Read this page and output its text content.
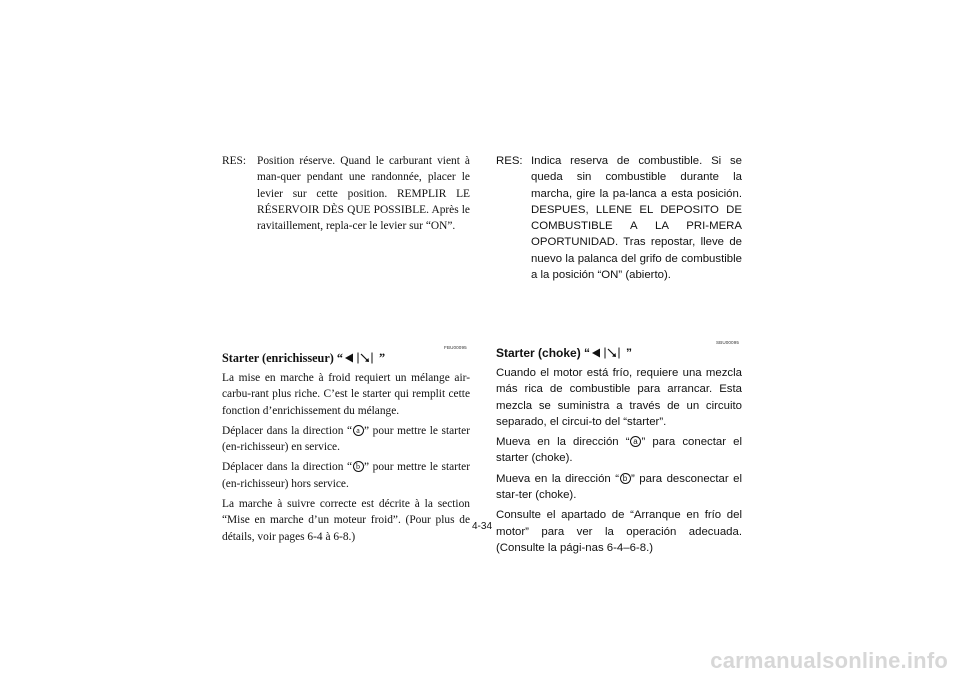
RES: Position réserve. Quand le carburant vient à man-quer pendant une randonnée, placer le levier sur cette position. REMPLIR LE RÉSERVOIR DÈS QUE POSSIBLE. Après le ravitaillement, repla-cer le levier sur “ON”.
FBU00095
Starter (enrichisseur) “	”

La mise en marche à froid requiert un mélange air-carbu-rant plus riche. C’est le starter qui remplit cette fonction d’enrichissement du mélange.

Déplacer dans la direction “ a ” pour mettre le starter (en-richisseur) en service.

Déplacer dans la direction “ b ” pour mettre le starter (en-richisseur) hors service.

La marche à suivre correcte est décrite à la section “Mise en marche d’un moteur froid”. (Pour plus de détails, voir pages 6-4 à 6-8.)

RES: Indica reserva de combustible. Si se queda sin combustible durante la marcha, gire la pa-lanca a esta posición. DESPUES, LLENE EL DEPOSITO DE COMBUSTIBLE A LA PRI-MERA OPORTUNIDAD. Tras repostar, lleve de nuevo la palanca del grifo de combustible a la posición “ON” (abierto).
SBU00095
Starter (choke) “	”

Cuando el motor está frío, requiere una mezcla más rica de combustible para arrancar. Esta mezcla se suministra a través de un circuito separado, el circui-to del “starter”.

Mueva en la dirección “ a ” para conectar el starter (choke).

Mueva en la dirección “ b ” para desconectar el star-ter (choke).

Consulte el apartado de “Arranque en frío del motor” para ver la operación adecuada. (Consulte la pági-nas 6-4–6-8.)

4-34
carmanualsonline.info
